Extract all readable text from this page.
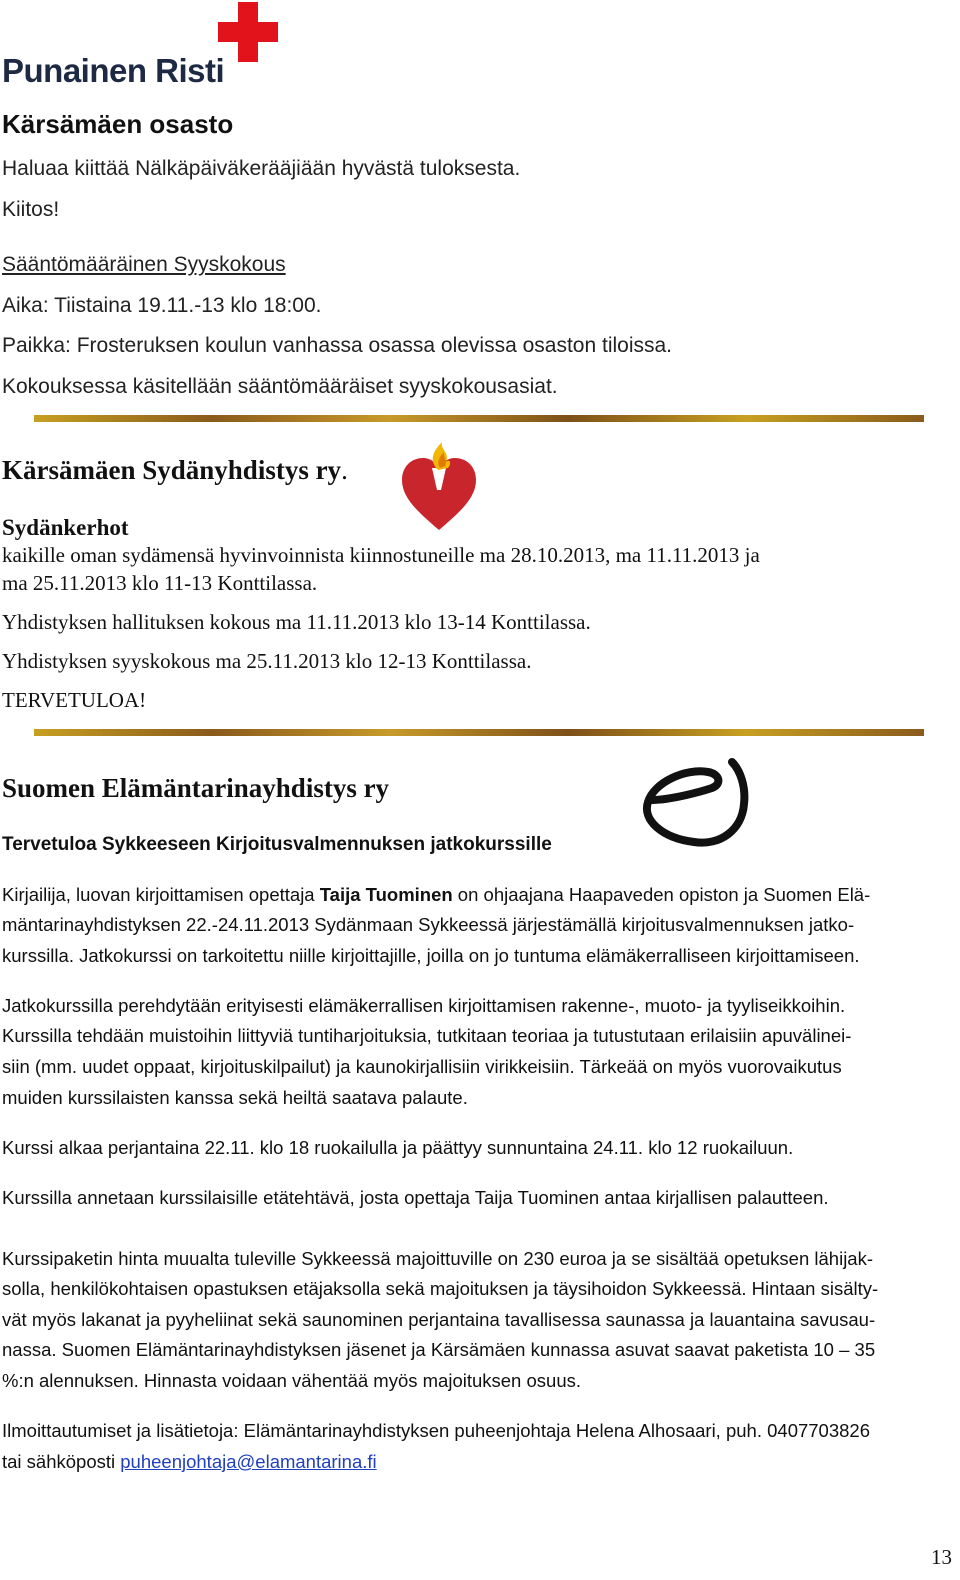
Punainen Risti
Kärsämäen osasto
Haluaa kiittää Nälkäpäiväkerääjiään hyvästä tuloksesta.
Kiitos!
Sääntömääräinen Syyskokous
Aika: Tiistaina 19.11.-13 klo 18:00.
Paikka: Frosteruksen koulun vanhassa osassa olevissa osaston tiloissa.
Kokouksessa käsitellään sääntömääräiset syyskokousasiat.
Kärsämäen Sydänyhdistys ry.
Sydänkerhot
kaikille oman sydämensä hyvinvoinnista kiinnostuneille ma 28.10.2013, ma 11.11.2013 ja
ma 25.11.2013 klo 11-13 Konttilassa.
Yhdistyksen hallituksen kokous ma 11.11.2013 klo 13-14 Konttilassa.
Yhdistyksen syyskokous ma 25.11.2013 klo 12-13 Konttilassa.
TERVETULOA!
Suomen Elämäntarinayhdistys ry
Tervetuloa Sykkeeseen Kirjoitusvalmennuksen jatkokurssille
Kirjailija, luovan kirjoittamisen opettaja Taija Tuominen on ohjaajana Haapaveden opiston ja Suomen Elä-
mäntarinayhdistyksen 22.-24.11.2013 Sydänmaan Sykkeessä järjestämällä kirjoitusvalmennuksen jatko-
kurssilla. Jatkokurssi on tarkoitettu niille kirjoittajille, joilla on jo tuntuma elämäkerralliseen kirjoittamiseen.
Jatkokurssilla perehdytään erityisesti elämäkerrallisen kirjoittamisen rakenne-, muoto- ja tyyliseikkoihin.
Kurssilla tehdään muistoihin liittyviä tuntiharjoituksia, tutkitaan teoriaa ja tutustutaan erilaisiin apuvälinei-
siin (mm. uudet oppaat, kirjoituskilpailut) ja kaunokirjallisiin virikkeisiin. Tärkeää on myös vuorovaikutus
muiden kurssilaisten kanssa sekä heiltä saatava palaute.
Kurssi alkaa perjantaina 22.11. klo 18 ruokailulla ja päättyy sunnuntaina 24.11. klo 12 ruokailuun.
Kurssilla annetaan kurssilaisille etätehtävä, josta opettaja Taija Tuominen antaa kirjallisen palautteen.
Kurssipaketin hinta muualta tuleville Sykkeessä majoittuville on 230 euroa ja se sisältää opetuksen lähijak-
solla, henkilökohtaisen opastuksen etäjaksolla sekä majoituksen ja täysihoidon Sykkeessä. Hintaan sisälty-
vät myös lakanat ja pyyheliinat sekä saunominen perjantaina tavallisessa saunassa ja lauantaina savusau-
nassa. Suomen Elämäntarinayhdistyksen jäsenet ja Kärsämäen kunnassa asuvat saavat paketista 10 – 35
%:n alennuksen. Hinnasta voidaan vähentää myös majoituksen osuus.
Ilmoittautumiset ja lisätietoja: Elämäntarinayhdistyksen puheenjohtaja Helena Alhosaari, puh. 0407703826
tai sähköposti puheenjohtaja@elamantarina.fi
13
